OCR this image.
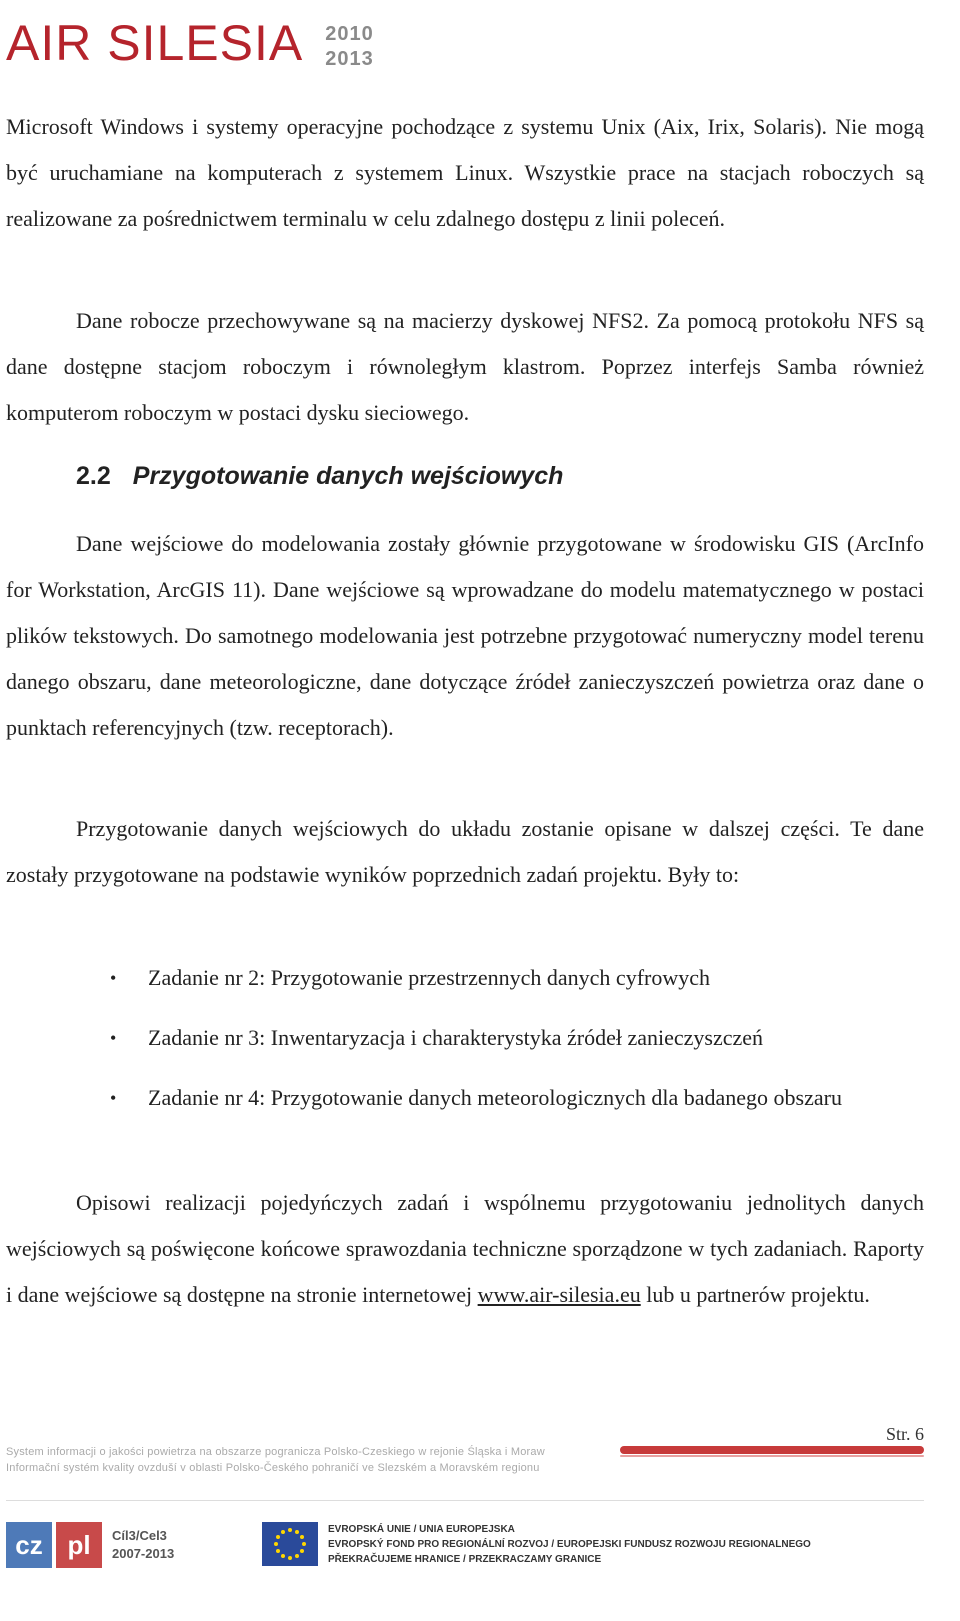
AIR SILESIA 2010
2013

Microsoft Windows i systemy operacyjne pochodzące z systemu Unix (Aix, Irix, Solaris). Nie mogą być uruchamiane na komputerach z systemem Linux. Wszystkie prace na stacjach roboczych są realizowane za pośrednictwem terminalu w celu zdalnego dostępu z linii poleceń.

Dane robocze przechowywane są na macierzy dyskowej NFS2. Za pomocą protokołu NFS są dane dostępne stacjom roboczym i równoległym klastrom. Poprzez interfejs Samba również komputerom roboczym w postaci dysku sieciowego.

2.2 Przygotowanie danych wejściowych

Dane wejściowe do modelowania zostały głównie przygotowane w środowisku GIS (ArcInfo for Workstation, ArcGIS 11). Dane wejściowe są wprowadzane do modelu matematycznego w postaci plików tekstowych. Do samotnego modelowania jest potrzebne przygotować numeryczny model terenu danego obszaru, dane meteorologiczne, dane dotyczące źródeł zanieczyszczeń powietrza oraz dane o punktach referencyjnych (tzw. receptorach).

Przygotowanie danych wejściowych do układu zostanie opisane w dalszej części. Te dane zostały przygotowane na podstawie wyników poprzednich zadań projektu. Były to:

• Zadanie nr 2: Przygotowanie przestrzennych danych cyfrowych
• Zadanie nr 3: Inwentaryzacja i charakterystyka źródeł zanieczyszczeń
• Zadanie nr 4: Przygotowanie danych meteorologicznych dla badanego obszaru

Opisowi realizacji pojedyńczych zadań i wspólnemu przygotowaniu jednolitych danych wejściowych są poświęcone końcowe sprawozdania techniczne sporządzone w tych zadaniach. Raporty i dane wejściowe są dostępne na stronie internetowej www.air-silesia.eu lub u partnerów projektu.

Str. 6
System informacji o jakości powietrza na obszarze pogranicza Polsko-Czeskiego w rejonie Śląska i Moraw
Informační systém kvality ovzduší v oblasti Polsko-Českého pohraničí ve Slezském a Moravském regionu
cz pl	Cíl3/Cel3
2007-2013
EVROPSKÁ UNIE / UNIA EUROPEJSKA
EVROPSKÝ FOND PRO REGIONÁLNÍ ROZVOJ / EUROPEJSKI FUNDUSZ ROZWOJU REGIONALNEGO
PŘEKRAČUJEME HRANICE / PRZEKRACZAMY GRANICE
